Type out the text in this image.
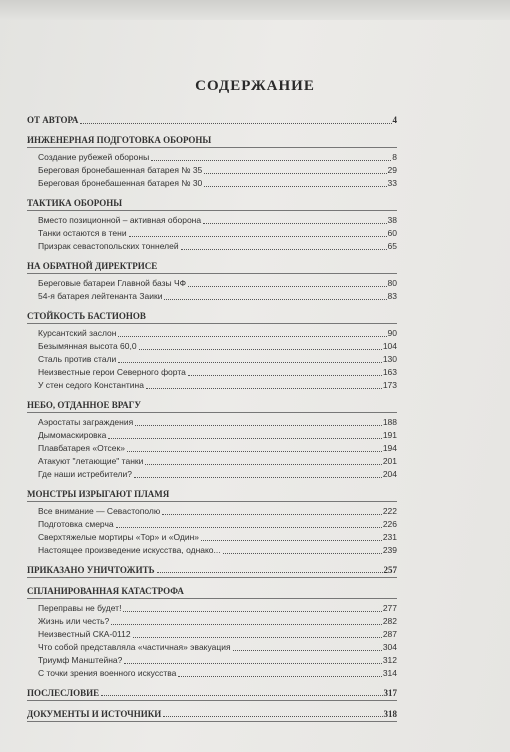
СОДЕРЖАНИЕ
ОТ АВТОРА	4
ИНЖЕНЕРНАЯ ПОДГОТОВКА ОБОРОНЫ
Создание рубежей обороны	8
Береговая бронебашенная батарея № 35	29
Береговая бронебашенная батарея № 30	33
ТАКТИКА ОБОРОНЫ
Вместо позиционной – активная оборона	38
Танки остаются в тени	60
Призрак севастопольских тоннелей	65
НА ОБРАТНОЙ ДИРЕКТРИСЕ
Береговые батареи Главной базы ЧФ	80
54-я батарея лейтенанта Заики	83
СТОЙКОСТЬ БАСТИОНОВ
Курсантский заслон	90
Безымянная высота 60,0	104
Сталь против стали	130
Неизвестные герои Северного форта	163
У стен седого Константина	173
НЕБО, ОТДАННОЕ ВРАГУ
Аэростаты заграждения	188
Дымомаскировка	191
Плавбатарея «Отсек»	194
Атакуют "летающие" танки	201
Где наши истребители?	204
МОНСТРЫ ИЗРЫГАЮТ ПЛАМЯ
Все внимание — Севастополю	222
Подготовка смерча	226
Сверхтяжелые мортиры «Тор» и «Один»	231
Настоящее произведение искусства, однако...	239
ПРИКАЗАНО УНИЧТОЖИТЬ	257
СПЛАНИРОВАННАЯ КАТАСТРОФА
Переправы не будет!	277
Жизнь или честь?	282
Неизвестный СКА-0112	287
Что собой представляла «частичная» эвакуация	304
Триумф Манштейна?	312
С точки зрения военного искусства	314
ПОСЛЕСЛОВИЕ	317
ДОКУМЕНТЫ И ИСТОЧНИКИ	318
